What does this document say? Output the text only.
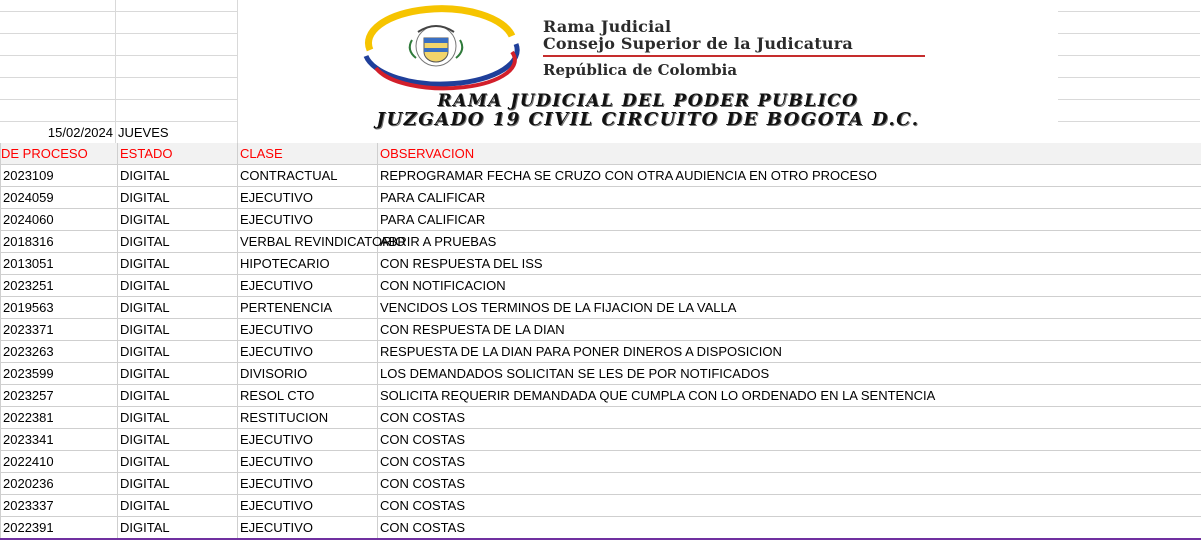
Rama Judicial
Consejo Superior de la Judicatura
República de Colombia
RAMA JUDICIAL DEL PODER PUBLICO
JUZGADO 19 CIVIL CIRCUITO DE BOGOTA D.C.
15/02/2024 JUEVES
DE PROCESO	ESTADO	CLASE	OBSERVACION
2023109	DIGITAL	CONTRACTUAL	REPROGRAMAR FECHA SE CRUZO CON OTRA AUDIENCIA EN OTRO PROCESO
2024059	DIGITAL	EJECUTIVO	PARA CALIFICAR
2024060	DIGITAL	EJECUTIVO	PARA CALIFICAR
2018316	DIGITAL	VERBAL REVINDICATORIO	ABRIR A PRUEBAS
2013051	DIGITAL	HIPOTECARIO	CON RESPUESTA DEL ISS
2023251	DIGITAL	EJECUTIVO	CON NOTIFICACION
2019563	DIGITAL	PERTENENCIA	VENCIDOS LOS TERMINOS DE LA FIJACION DE LA VALLA
2023371	DIGITAL	EJECUTIVO	CON RESPUESTA DE LA DIAN
2023263	DIGITAL	EJECUTIVO	RESPUESTA DE LA DIAN PARA PONER DINEROS A DISPOSICION
2023599	DIGITAL	DIVISORIO	LOS DEMANDADOS SOLICITAN SE LES DE POR NOTIFICADOS
2023257	DIGITAL	RESOL CTO	SOLICITA REQUERIR DEMANDADA QUE CUMPLA CON LO ORDENADO EN LA SENTENCIA
2022381	DIGITAL	RESTITUCION	CON COSTAS
2023341	DIGITAL	EJECUTIVO	CON COSTAS
2022410	DIGITAL	EJECUTIVO	CON COSTAS
2020236	DIGITAL	EJECUTIVO	CON COSTAS
2023337	DIGITAL	EJECUTIVO	CON COSTAS
2022391	DIGITAL	EJECUTIVO	CON COSTAS
